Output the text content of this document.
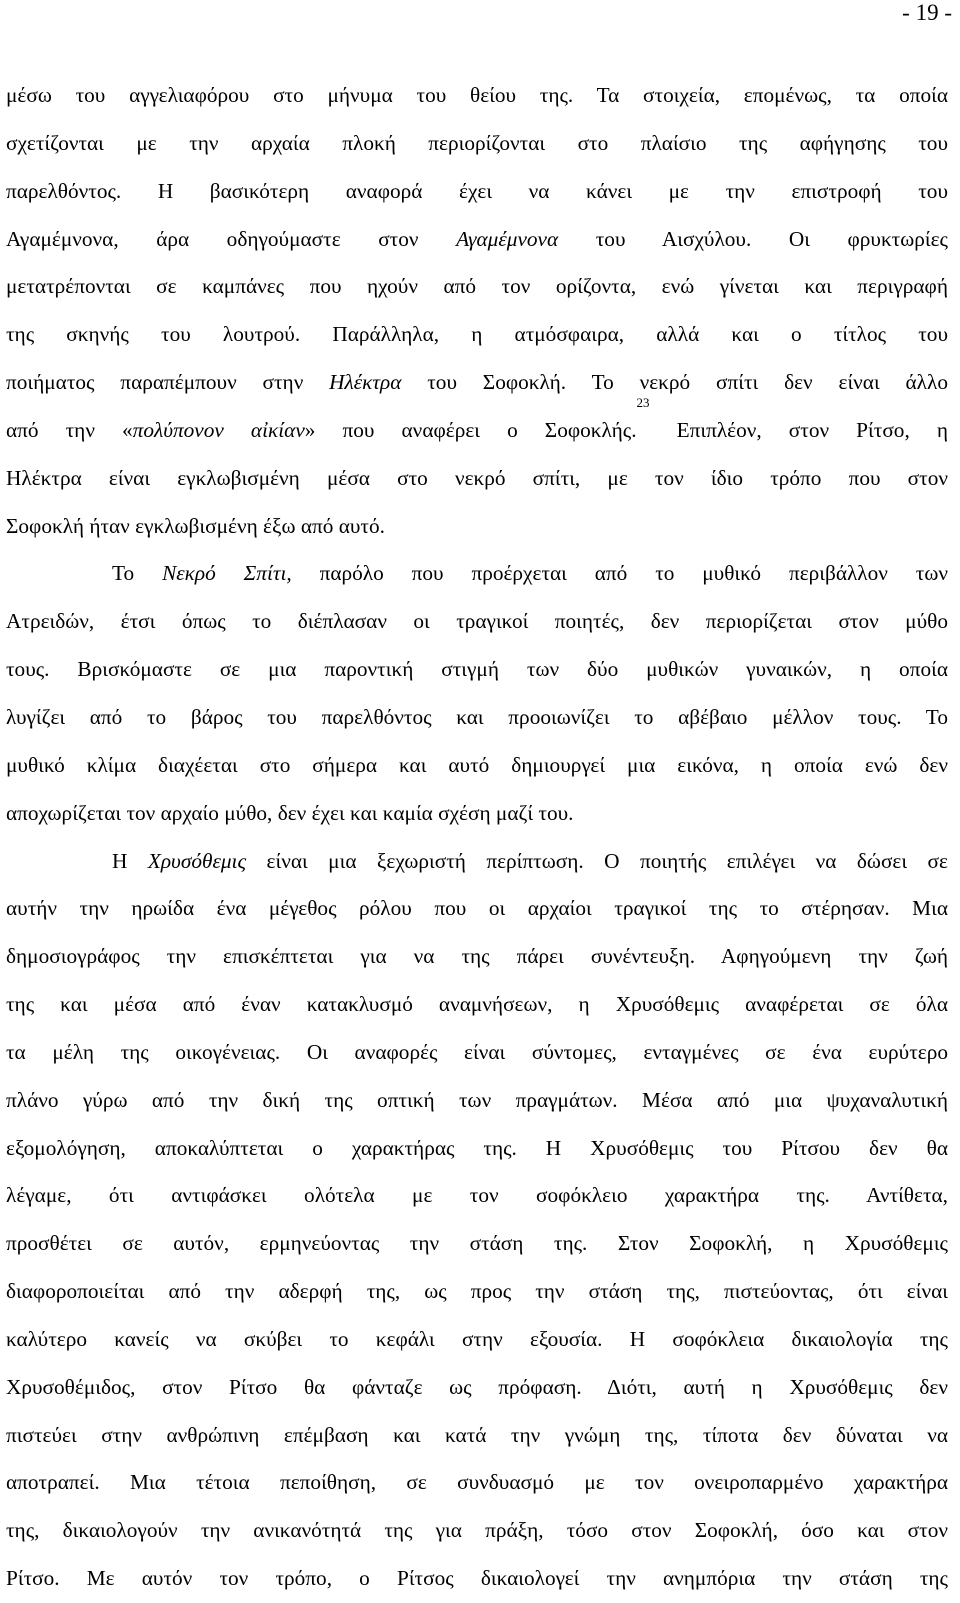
- 19 -
μέσω του αγγελιαφόρου στο μήνυμα του θείου της. Τα στοιχεία, επομένως, τα οποία
σχετίζονται με την αρχαία πλοκή περιορίζονται στο πλαίσιο της αφήγησης του
παρελθόντος. Η βασικότερη αναφορά έχει να κάνει με την επιστροφή του
Αγαμέμνονα, άρα οδηγούμαστε στον Αγαμέμνονα του Αισχύλου. Οι φρυκτωρίες
μετατρέπονται σε καμπάνες που ηχούν από τον ορίζοντα, ενώ γίνεται και περιγραφή
της σκηνής του λουτρού. Παράλληλα, η ατμόσφαιρα, αλλά και ο τίτλος του
ποιήματος παραπέμπουν στην Ηλέκτρα του Σοφοκλή. Το νεκρό σπίτι δεν είναι άλλο
από την «πολύπονον αἰκίαν» που αναφέρει ο Σοφοκλής.$^{23}$ Επιπλέον, στον Ρίτσο, η
Ηλέκτρα είναι εγκλωβισμένη μέσα στο νεκρό σπίτι, με τον ίδιο τρόπο που στον
Σοφοκλή ήταν εγκλωβισμένη έξω από αυτό.
Το Νεκρό Σπίτι, παρόλο που προέρχεται από το μυθικό περιβάλλον των
Ατρειδών, έτσι όπως το διέπλασαν οι τραγικοί ποιητές, δεν περιορίζεται στον μύθο
τους. Βρισκόμαστε σε μια παροντική στιγμή των δύο μυθικών γυναικών, η οποία
λυγίζει από το βάρος του παρελθόντος και προοιωνίζει το αβέβαιο μέλλον τους. Το
μυθικό κλίμα διαχέεται στο σήμερα και αυτό δημιουργεί μια εικόνα, η οποία ενώ δεν
αποχωρίζεται τον αρχαίο μύθο, δεν έχει και καμία σχέση μαζί του.
Η Χρυσόθεμις είναι μια ξεχωριστή περίπτωση. Ο ποιητής επιλέγει να δώσει σε
αυτήν την ηρωίδα ένα μέγεθος ρόλου που οι αρχαίοι τραγικοί της το στέρησαν. Μια
δημοσιογράφος την επισκέπτεται για να της πάρει συνέντευξη. Αφηγούμενη την ζωή
της και μέσα από έναν κατακλυσμό αναμνήσεων, η Χρυσόθεμις αναφέρεται σε όλα
τα μέλη της οικογένειας. Οι αναφορές είναι σύντομες, ενταγμένες σε ένα ευρύτερο
πλάνο γύρω από την δική της οπτική των πραγμάτων. Μέσα από μια ψυχαναλυτική
εξομολόγηση, αποκαλύπτεται ο χαρακτήρας της. Η Χρυσόθεμις του Ρίτσου δεν θα
λέγαμε, ότι αντιφάσκει ολότελα με τον σοφόκλειο χαρακτήρα της. Αντίθετα,
προσθέτει σε αυτόν, ερμηνεύοντας την στάση της. Στον Σοφοκλή, η Χρυσόθεμις
διαφοροποιείται από την αδερφή της, ως προς την στάση της, πιστεύοντας, ότι είναι
καλύτερο κανείς να σκύβει το κεφάλι στην εξουσία. Η σοφόκλεια δικαιολογία της
Χρυσοθέμιδος, στον Ρίτσο θα φάνταζε ως πρόφαση. Διότι, αυτή η Χρυσόθεμις δεν
πιστεύει στην ανθρώπινη επέμβαση και κατά την γνώμη της, τίποτα δεν δύναται να
αποτραπεί. Μια τέτοια πεποίθηση, σε συνδυασμό με τον ονειροπαρμένο χαρακτήρα
της, δικαιολογούν την ανικανότητά της για πράξη, τόσο στον Σοφοκλή, όσο και στον
Ρίτσο. Με αυτόν τον τρόπο, ο Ρίτσος δικαιολογεί την ανημπόρια την στάση της
